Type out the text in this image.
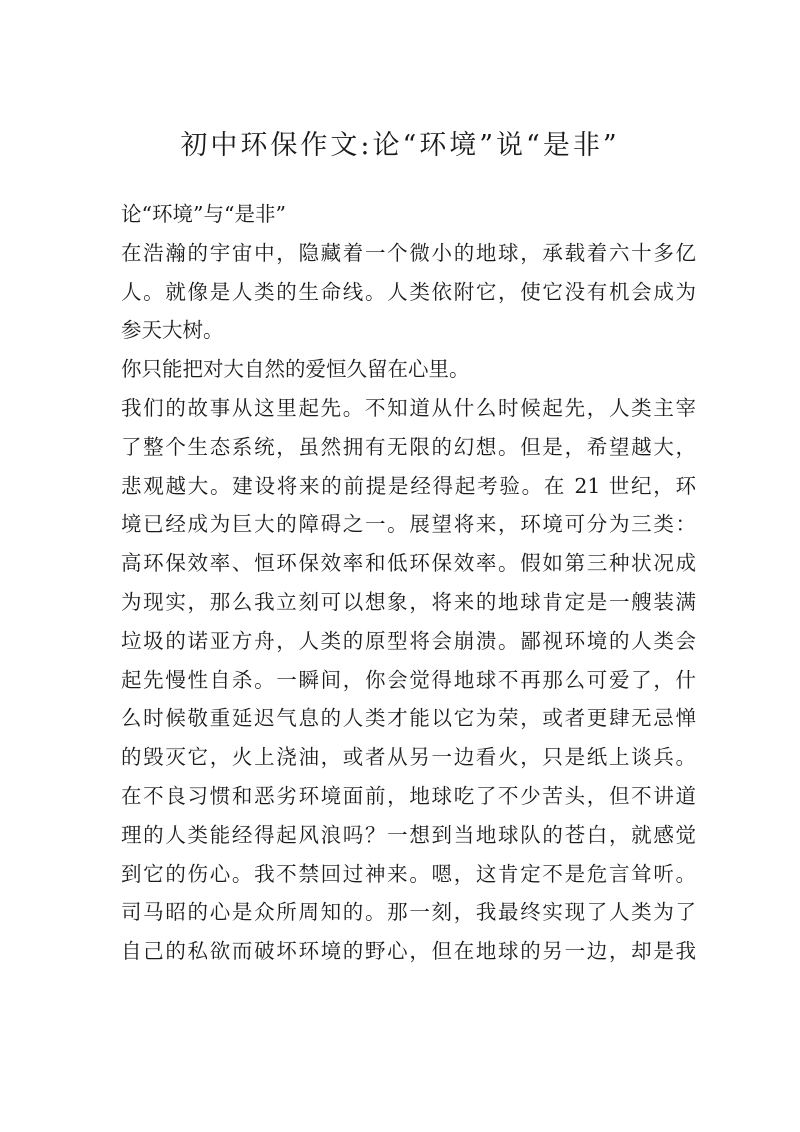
初中环保作文:论“环境”说“是非”
论“环境”与“是非”
在浩瀚的宇宙中，隐藏着一个微小的地球，承载着六十多亿
人。就像是人类的生命线。人类依附它，使它没有机会成为
参天大树。
你只能把对大自然的爱恒久留在心里。
我们的故事从这里起先。不知道从什么时候起先，人类主宰
了整个生态系统，虽然拥有无限的幻想。但是，希望越大，
悲观越大。建设将来的前提是经得起考验。在 21 世纪，环
境已经成为巨大的障碍之一。展望将来，环境可分为三类：
高环保效率、恒环保效率和低环保效率。假如第三种状况成
为现实，那么我立刻可以想象，将来的地球肯定是一艘装满
垃圾的诺亚方舟，人类的原型将会崩溃。鄙视环境的人类会
起先慢性自杀。一瞬间，你会觉得地球不再那么可爱了，什
么时候敬重延迟气息的人类才能以它为荣，或者更肆无忌惮
的毁灭它，火上浇油，或者从另一边看火，只是纸上谈兵。
在不良习惯和恶劣环境面前，地球吃了不少苦头，但不讲道
理的人类能经得起风浪吗？一想到当地球队的苍白，就感觉
到它的伤心。我不禁回过神来。嗯，这肯定不是危言耸听。
司马昭的心是众所周知的。那一刻，我最终实现了人类为了
自己的私欲而破坏环境的野心，但在地球的另一边，却是我
